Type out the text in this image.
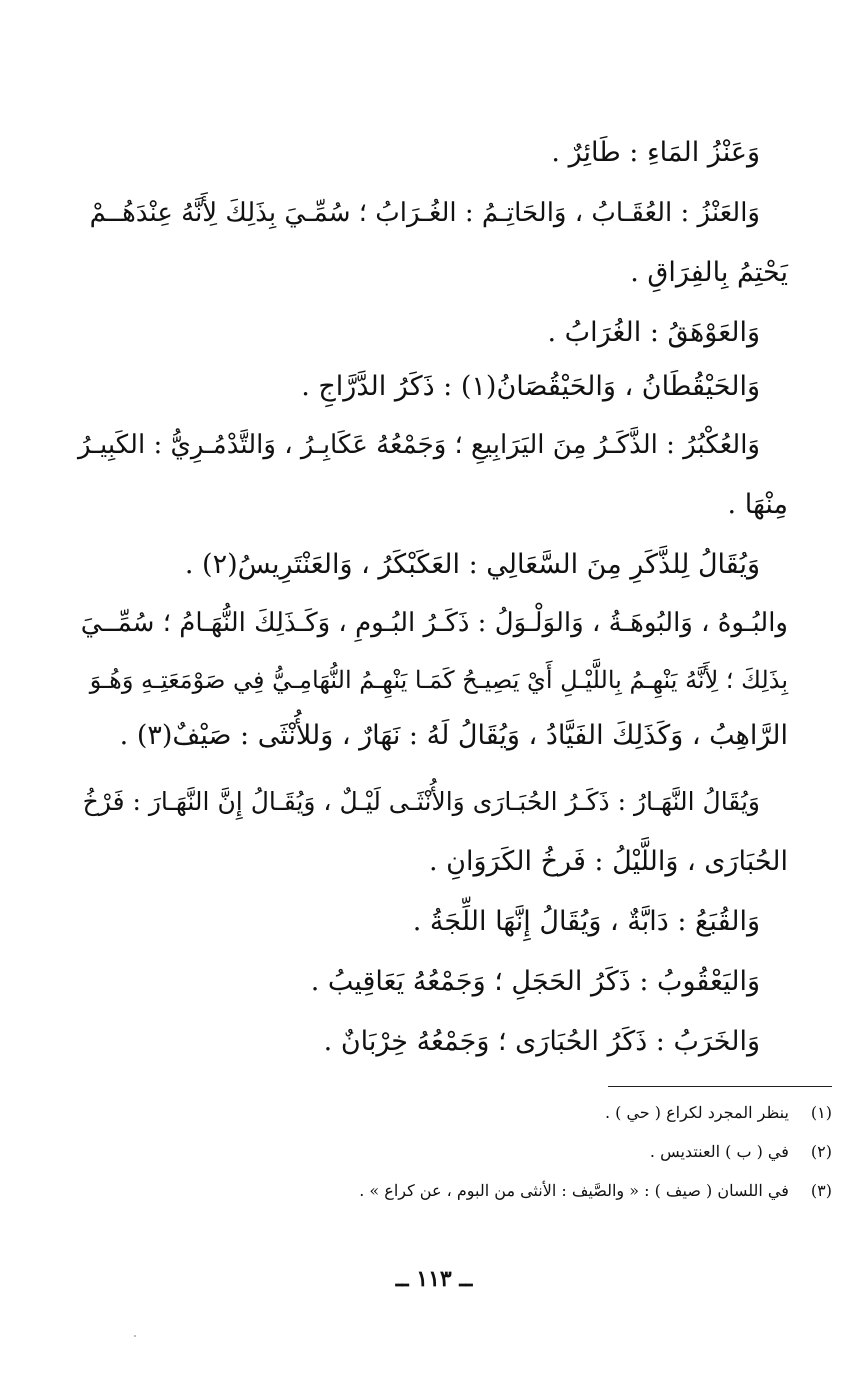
وَعَنْزُ المَاءِ : طَائِرٌ .
وَالعَنْزُ : العُقَـابُ ، وَالحَاتِـمُ : الغُـرَابُ ؛ سُمِّـيَ بِذَلِكَ لِأَنَّهُ عِنْدَهُــمْ
يَحْتِمُ بِالفِرَاقِ .
وَالعَوْهَقُ : الغُرَابُ .
وَالحَيْقُطَانُ ، وَالحَيْقُصَانُ(١) : ذَكَرُ الدَّرَّاجِ .
وَالعُكْبُرُ : الذَّكَـرُ مِنَ اليَرَابِيعِ ؛ وَجَمْعُهُ عَكَابِـرُ ، وَالتَّدْمُـرِيُّ : الكَبِيـرُ
مِنْهَا .
وَيُقَالُ لِلذَّكَرِ مِنَ السَّعَالِي : العَكَبْكَرُ ، وَالعَنْتَرِيسُ(٢) .
والبُـوهُ ، وَالبُوهَـةُ ، وَالوَلْـوَلُ : ذَكَـرُ البُـومِ ، وَكَـذَلِكَ النُّهَـامُ ؛ سُمِّــيَ
بِذَلِكَ ؛ لِأَنَّهُ يَنْهِـمُ بِاللَّيْـلِ أَيْ يَصِيـحُ كَمَـا يَنْهِـمُ النُّهَامِـيُّ فِي صَوْمَعَتِـهِ وَهُـوَ
الرَّاهِبُ ، وَكَذَلِكَ الفَيَّادُ ، وَيُقَالُ لَهُ : نَهَارٌ ، وَللأُنْثَى : صَيْفٌ(٣) .
وَيُقَالُ النَّهَـارُ : ذَكَـرُ الحُبَـارَى وَالأُنْثَـى لَيْـلٌ ، وَيُقَـالُ إِنَّ النَّهَـارَ : فَرْخُ
الحُبَارَى ، وَاللَّيْلُ : فَرخُ الكَرَوَانِ .
وَالقُبَعُ : دَابَّةٌ ، وَيُقَالُ إِنَّهَا اللِّجَةُ .
وَاليَعْقُوبُ : ذَكَرُ الحَجَلِ ؛ وَجَمْعُهُ يَعَاقِيبُ .
وَالخَرَبُ : ذَكَرُ الحُبَارَى ؛ وَجَمْعُهُ خِرْبَانٌ .
(١) ينظر المجرد لكراع ( حي ) .
(٢) في ( ب ) العنتديس .
(٣) في اللسان ( صيف ) : « والصَّيف : الأنثى من البوم ، عن كراع » .
ــ ١١٣ ــ
